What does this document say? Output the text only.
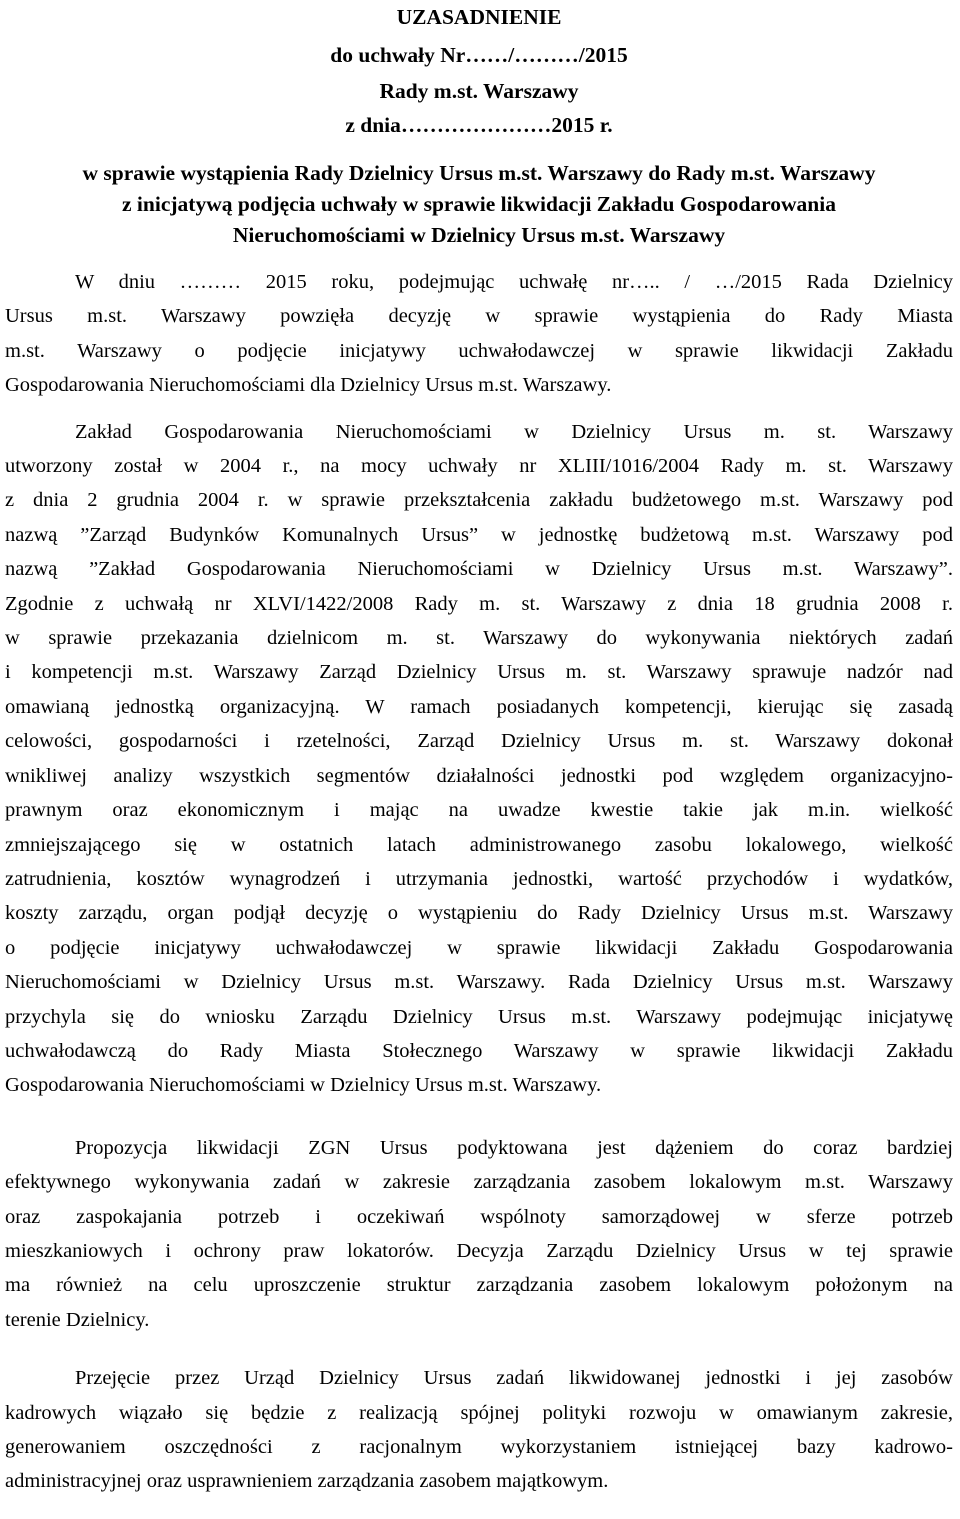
UZASADNIENIE
do uchwały Nr……/………/2015
Rady m.st. Warszawy
z dnia…………………2015 r.
w sprawie wystąpienia Rady Dzielnicy Ursus m.st. Warszawy do Rady m.st. Warszawy
z inicjatywą podjęcia uchwały w sprawie likwidacji Zakładu Gospodarowania
Nieruchomościami w Dzielnicy Ursus m.st. Warszawy
W dniu ……… 2015 roku, podejmując uchwałę nr….. / …/2015 Rada Dzielnicy
Ursus m.st. Warszawy powzięła decyzję w sprawie wystąpienia do Rady Miasta
m.st. Warszawy o podjęcie inicjatywy uchwałodawczej w sprawie likwidacji Zakładu
Gospodarowania Nieruchomościami dla Dzielnicy Ursus m.st. Warszawy.
Zakład Gospodarowania Nieruchomościami w Dzielnicy Ursus m. st. Warszawy
utworzony został w 2004 r., na mocy uchwały nr XLIII/1016/2004 Rady m. st. Warszawy
z dnia 2 grudnia 2004 r. w sprawie przekształcenia zakładu budżetowego m.st. Warszawy pod
nazwą ”Zarząd Budynków Komunalnych Ursus” w jednostkę budżetową m.st. Warszawy pod
nazwą ”Zakład Gospodarowania Nieruchomościami w Dzielnicy Ursus m.st. Warszawy”.
Zgodnie z uchwałą nr XLVI/1422/2008 Rady m. st. Warszawy z dnia 18 grudnia 2008 r.
w sprawie przekazania dzielnicom m. st. Warszawy do wykonywania niektórych zadań
i kompetencji m.st. Warszawy Zarząd Dzielnicy Ursus m. st. Warszawy sprawuje nadzór nad
omawianą jednostką organizacyjną. W ramach posiadanych kompetencji, kierując się zasadą
celowości, gospodarności i rzetelności, Zarząd Dzielnicy Ursus m. st. Warszawy dokonał
wnikliwej analizy wszystkich segmentów działalności jednostki pod względem organizacyjno-
prawnym oraz ekonomicznym i mając na uwadze kwestie takie jak m.in. wielkość
zmniejszającego się w ostatnich latach administrowanego zasobu lokalowego, wielkość
zatrudnienia, kosztów wynagrodzeń i utrzymania jednostki, wartość przychodów i wydatków,
koszty zarządu, organ podjął decyzję o wystąpieniu do Rady Dzielnicy Ursus m.st. Warszawy
o podjęcie inicjatywy uchwałodawczej w sprawie likwidacji Zakładu Gospodarowania
Nieruchomościami w Dzielnicy Ursus m.st. Warszawy. Rada Dzielnicy Ursus m.st. Warszawy
przychyla się do wniosku Zarządu Dzielnicy Ursus m.st. Warszawy podejmując inicjatywę
uchwałodawczą do Rady Miasta Stołecznego Warszawy w sprawie likwidacji Zakładu
Gospodarowania Nieruchomościami w Dzielnicy Ursus m.st. Warszawy.
Propozycja likwidacji ZGN Ursus podyktowana jest dążeniem do coraz bardziej
efektywnego wykonywania zadań w zakresie zarządzania zasobem lokalowym m.st. Warszawy
oraz zaspokajania potrzeb i oczekiwań wspólnoty samorządowej w sferze potrzeb
mieszkaniowych i ochrony praw lokatorów. Decyzja Zarządu Dzielnicy Ursus w tej sprawie
ma również na celu uproszczenie struktur zarządzania zasobem lokalowym położonym na
terenie Dzielnicy.
Przejęcie przez Urząd Dzielnicy Ursus zadań likwidowanej jednostki i jej zasobów
kadrowych wiązało się będzie z realizacją spójnej polityki rozwoju w omawianym zakresie,
generowaniem oszczędności z racjonalnym wykorzystaniem istniejącej bazy kadrowo-
administracyjnej oraz usprawnieniem zarządzania zasobem majątkowym.
